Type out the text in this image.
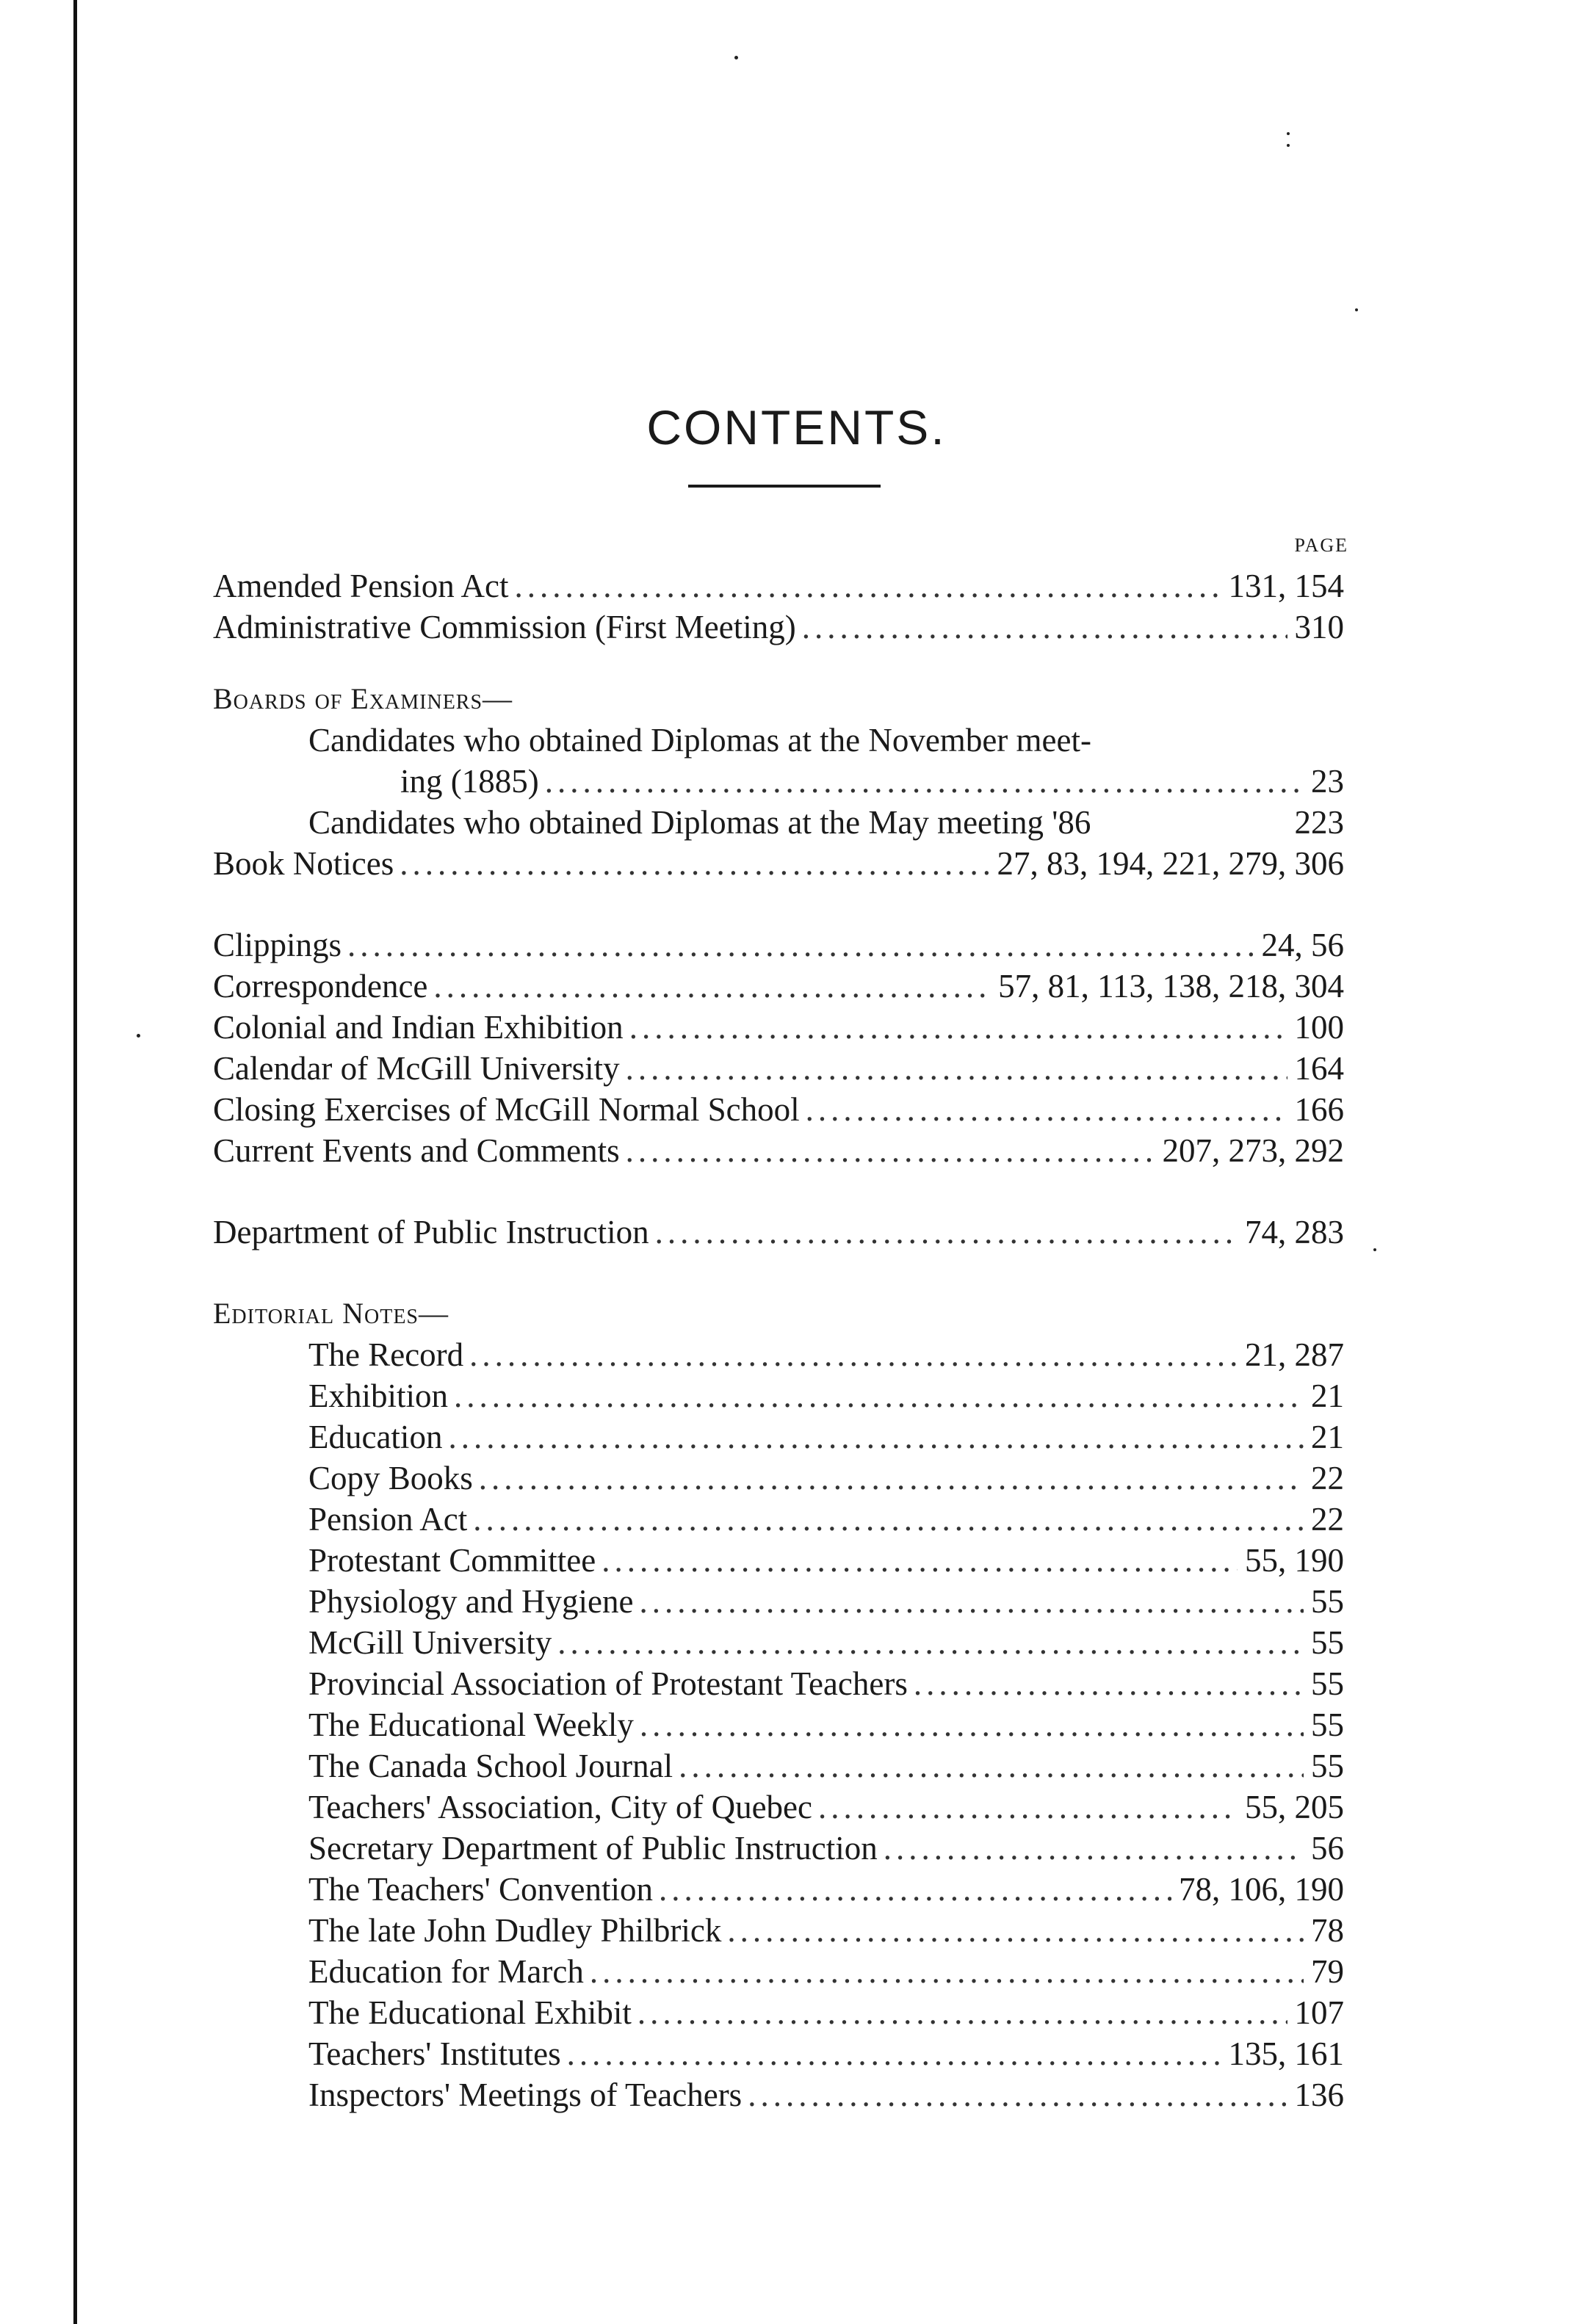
CONTENTS.
PAGE
Amended Pension Act .....	131, 154
Administrative Commission (First Meeting) .....	310
Boards of Examiners—
Candidates who obtained Diplomas at the November meet-
ing (1885) .....	23
Candidates who obtained Diplomas at the May meeting '86	223
Book Notices .....	27, 83, 194, 221, 279, 306
Clippings .....	24, 56
Correspondence .....	57, 81, 113, 138, 218, 304
Colonial and Indian Exhibition .....	100
Calendar of McGill University .....	164
Closing Exercises of McGill Normal School .....	166
Current Events and Comments .....	207, 273, 292
Department of Public Instruction .....	74, 283
Editorial Notes—
The Record .....	21, 287
Exhibition .....	21
Education .....	21
Copy Books .....	22
Pension Act .....	22
Protestant Committee .....	55, 190
Physiology and Hygiene .....	55
McGill University .....	55
Provincial Association of Protestant Teachers .....	55
The Educational Weekly .....	55
The Canada School Journal .....	55
Teachers' Association, City of Quebec .....	55, 205
Secretary Department of Public Instruction .....	56
The Teachers' Convention .....	78, 106, 190
The late John Dudley Philbrick .....	78
Education for March .....	79
The Educational Exhibit .....	107
Teachers' Institutes .....	135, 161
Inspectors' Meetings of Teachers .....	136
